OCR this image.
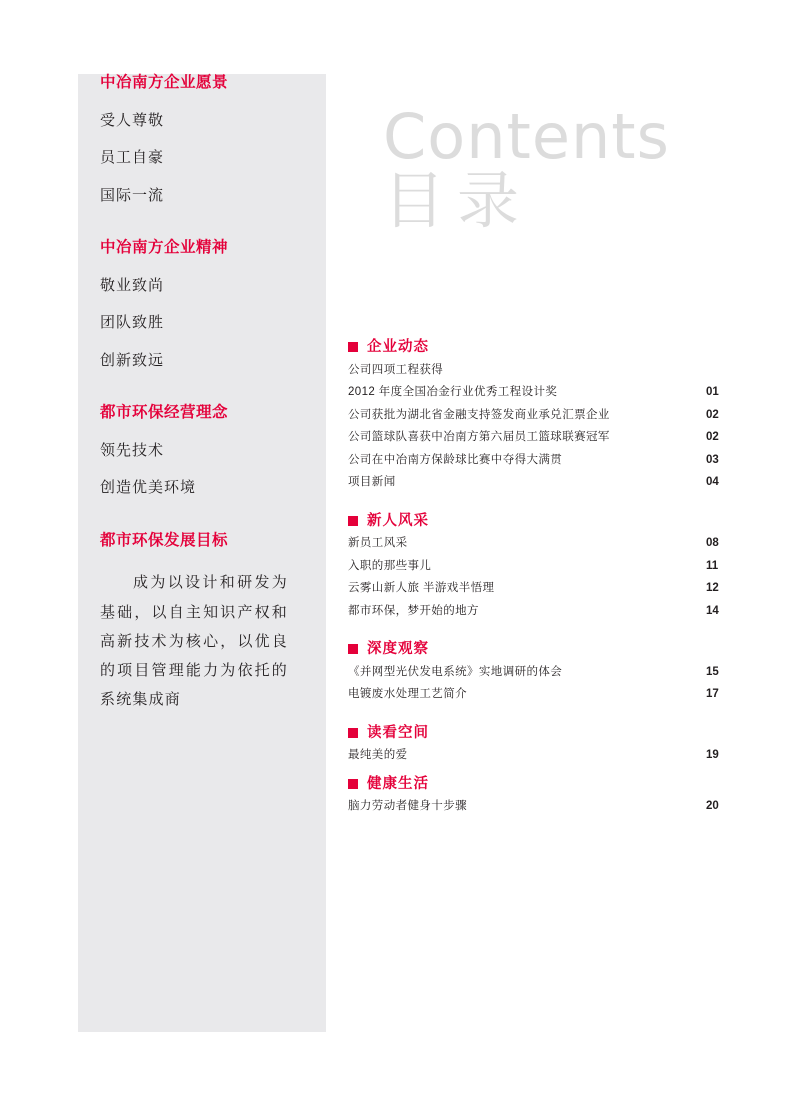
中冶南方企业愿景
受人尊敬
员工自豪
国际一流
中冶南方企业精神
敬业致尚
团队致胜
创新致远
都市环保经营理念
领先技术
创造优美环境
都市环保发展目标
成为以设计和研发为基础，以自主知识产权和高新技术为核心，以优良的项目管理能力为依托的系统集成商
Contents
目录
企业动态
公司四项工程获得
2012 年度全国冶金行业优秀工程设计奖	01
公司获批为湖北省金融支持签发商业承兑汇票企业	02
公司篮球队喜获中冶南方第六届员工篮球联赛冠军	02
公司在中冶南方保龄球比赛中夺得大满贯	03
项目新闻	04
新人风采
新员工风采	08
入职的那些事儿	11
云雾山新人旅 半游戏半悟理	12
都市环保，梦开始的地方	14
深度观察
《并网型光伏发电系统》实地调研的体会	15
电镀废水处理工艺简介	17
读看空间
最纯美的爱	19
健康生活
脑力劳动者健身十步骤	20
